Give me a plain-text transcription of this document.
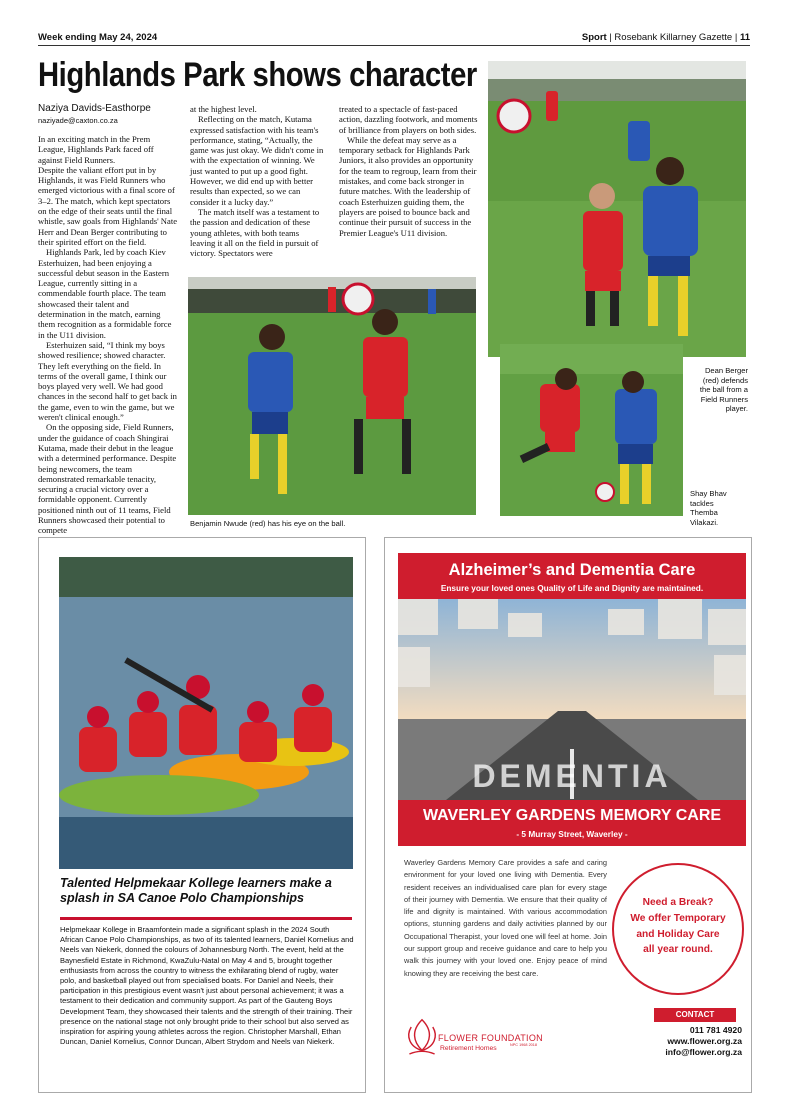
Week ending May 24, 2024	Sport | Rosebank Killarney Gazette | 11
Highlands Park shows character
Naziya Davids-Easthorpe
naziyade@caxton.co.za

In an exciting match in the Prem League, Highlands Park faced off against Field Runners.

Despite the valiant effort put in by Highlands, it was Field Runners who emerged victorious with a final score of 3–2. The match, which kept spectators on the edge of their seats until the final whistle, saw goals from Highlands' Nate Herr and Dean Berger contributing to their spirited effort on the field.

Highlands Park, led by coach Kiev Esterhuizen, had been enjoying a successful debut season in the Eastern League, currently sitting in a commendable fourth place. The team showcased their talent and determination in the match, earning them recognition as a formidable force in the U11 division.

Esterhuizen said, “I think my boys showed resilience; showed character. They left everything on the field. In terms of the overall game, I think our boys played very well. We had good chances in the second half to get back in the game, even to win the game, but we weren't clinical enough.”

On the opposing side, Field Runners, under the guidance of coach Shingirai Kutama, made their debut in the league with a determined performance. Despite being newcomers, the team demonstrated remarkable tenacity, securing a crucial victory over a formidable opponent. Currently positioned ninth out of 11 teams, Field Runners showcased their potential to compete

at the highest level.

Reflecting on the match, Kutama expressed satisfaction with his team's performance, stating, “Actually, the game was just okay. We didn't come in with the expectation of winning. We just wanted to put up a good fight. However, we did end up with better results than expected, so we can consider it a lucky day.”

The match itself was a testament to the passion and dedication of these young athletes, with both teams leaving it all on the field in pursuit of victory. Spectators were

treated to a spectacle of fast-paced action, dazzling footwork, and moments of brilliance from players on both sides.

While the defeat may serve as a temporary setback for Highlands Park Juniors, it also provides an opportunity for the team to regroup, learn from their mistakes, and come back stronger in future matches. With the leadership of coach Esterhuizen guiding them, the players are poised to bounce back and continue their pursuit of success in the Premier League's U11 division.

Benjamin Nwude (red) has his eye on the ball.
Dean Berger (red) defends the ball from a Field Runners player.
Shay Bhav tackles Themba Vilakazi.
Talented Helpmekaar Kollege learners make a splash in SA Canoe Polo Championships
Helpmekaar Kollege in Braamfontein made a significant splash in the 2024 South African Canoe Polo Championships, as two of its talented learners, Daniel Kornelius and Neels van Niekerk, donned the colours of Johannesburg North. The event, held at the Baynesfield Estate in Richmond, KwaZulu-Natal on May 4 and 5, brought together enthusiasts from across the country to witness the exhilarating blend of rugby, water polo, and basketball played out from specialised boats. For Daniel and Neels, their participation in this prestigious event wasn't just about personal achievement; it was a testament to their dedication and community support. As part of the Gauteng Boys Development Team, they showcased their talents and the strength of their training. Their presence on the national stage not only brought pride to their school but also served as inspiration for aspiring young athletes across the region. Christopher Marshall, Ethan Duncan, Daniel Kornelius, Connor Duncan, Albert Strydom and Neels van Niekerk.
Alzheimer’s and Dementia Care
Ensure your loved ones Quality of Life and Dignity are maintained.
DEMENTIA
WAVERLEY GARDENS MEMORY CARE
- 5 Murray Street, Waverley -
Waverley Gardens Memory Care provides a safe and caring environment for your loved one living with Dementia. Every resident receives an individualised care plan for every stage of their journey with Dementia. We ensure that their quality of life and dignity is maintained. With various accommodation options, stunning gardens and daily activities planned by our Occupational Therapist, your loved one will feel at home. Join our support group and receive guidance and care to help you walk this journey with your loved one. Enjoy peace of mind knowing they are receiving the best care.
Need a Break?
We offer Temporary
and Holiday Care
all year round.
CONTACT
011 781 4920
www.flower.org.za
info@flower.org.za
FLOWER FOUNDATION
Retirement Homes	NPC 1968 2018
